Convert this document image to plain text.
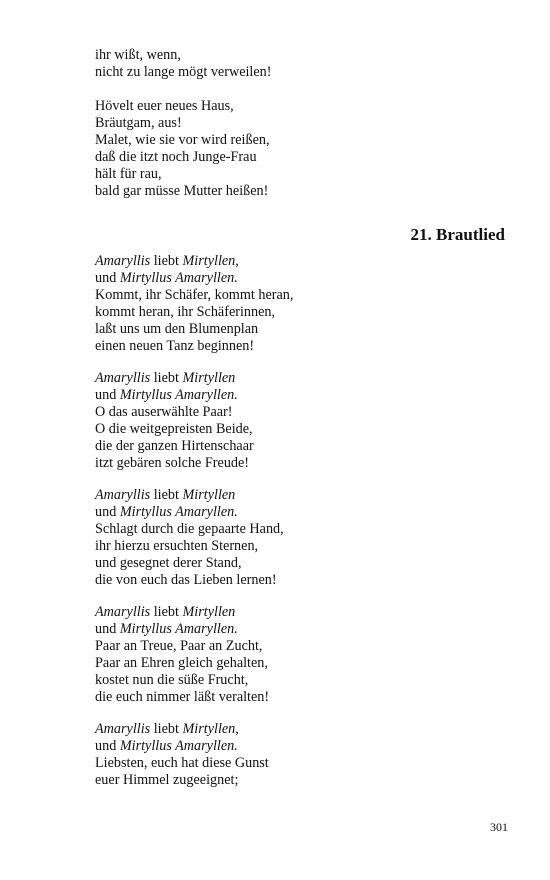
ihr wißt, wenn,
nicht zu lange mögt verweilen!
Hövelt euer neues Haus,
Bräutgam, aus!
Malet, wie sie vor wird reißen,
daß die itzt noch Junge-Frau
hält für rau,
bald gar müsse Mutter heißen!
21. Brautlied
Amaryllis liebt Mirtyllen,
und Mirtyllus Amaryllen.
Kommt, ihr Schäfer, kommt heran,
kommt heran, ihr Schäferinnen,
laßt uns um den Blumenplan
einen neuen Tanz beginnen!
Amaryllis liebt Mirtyllen
und Mirtyllus Amaryllen.
O das auserwählte Paar!
O die weitgepreisten Beide,
die der ganzen Hirtenschaar
itzt gebären solche Freude!
Amaryllis liebt Mirtyllen
und Mirtyllus Amaryllen.
Schlagt durch die gepaarte Hand,
ihr hierzu ersuchten Sternen,
und gesegnet derer Stand,
die von euch das Lieben lernen!
Amaryllis liebt Mirtyllen
und Mirtyllus Amaryllen.
Paar an Treue, Paar an Zucht,
Paar an Ehren gleich gehalten,
kostet nun die süße Frucht,
die euch nimmer läßt veralten!
Amaryllis liebt Mirtyllen,
und Mirtyllus Amaryllen.
Liebsten, euch hat diese Gunst
euer Himmel zugeeignet;
301
